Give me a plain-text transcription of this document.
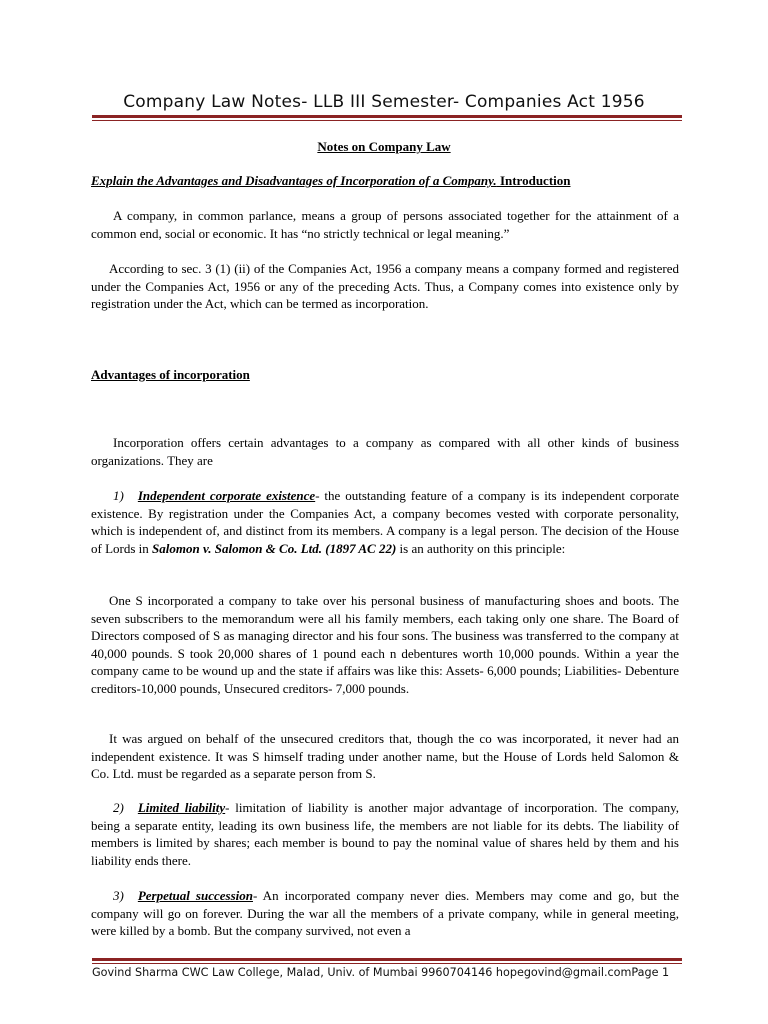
Company Law Notes- LLB III Semester- Companies Act 1956
Notes on Company Law
Explain the Advantages and Disadvantages of Incorporation of a Company. Introduction

A company, in common parlance, means a group of persons associated together for the attainment of a common end, social or economic. It has “no strictly technical or legal meaning.”

According to sec. 3 (1) (ii) of the Companies Act, 1956 a company means a company formed and registered under the Companies Act, 1956 or any of the preceding Acts. Thus, a Company comes into existence only by registration under the Act, which can be termed as incorporation.

Advantages of incorporation

Incorporation offers certain advantages to a company as compared with all other kinds of business organizations. They are

1) Independent corporate existence- the outstanding feature of a company is its independent corporate existence. By registration under the Companies Act, a company becomes vested with corporate personality, which is independent of, and distinct from its members. A company is a legal person. The decision of the House of Lords in Salomon v. Salomon & Co. Ltd. (1897 AC 22) is an authority on this principle:

One S incorporated a company to take over his personal business of manufacturing shoes and boots. The seven subscribers to the memorandum were all his family members, each taking only one share. The Board of Directors composed of S as managing director and his four sons. The business was transferred to the company at 40,000 pounds. S took 20,000 shares of 1 pound each n debentures worth 10,000 pounds. Within a year the company came to be wound up and the state if affairs was like this: Assets- 6,000 pounds; Liabilities- Debenture creditors-10,000 pounds, Unsecured creditors- 7,000 pounds.

It was argued on behalf of the unsecured creditors that, though the co was incorporated, it never had an independent existence. It was S himself trading under another name, but the House of Lords held Salomon & Co. Ltd. must be regarded as a separate person from S.

2) Limited liability- limitation of liability is another major advantage of incorporation. The company, being a separate entity, leading its own business life, the members are not liable for its debts. The liability of members is limited by shares; each member is bound to pay the nominal value of shares held by them and his liability ends there.

3) Perpetual succession- An incorporated company never dies. Members may come and go, but the company will go on forever. During the war all the members of a private company, while in general meeting, were killed by a bomb. But the company survived, not even a

Govind Sharma CWC Law College, Malad, Univ. of Mumbai 9960704146 hopegovind@gmail.comPage 1
